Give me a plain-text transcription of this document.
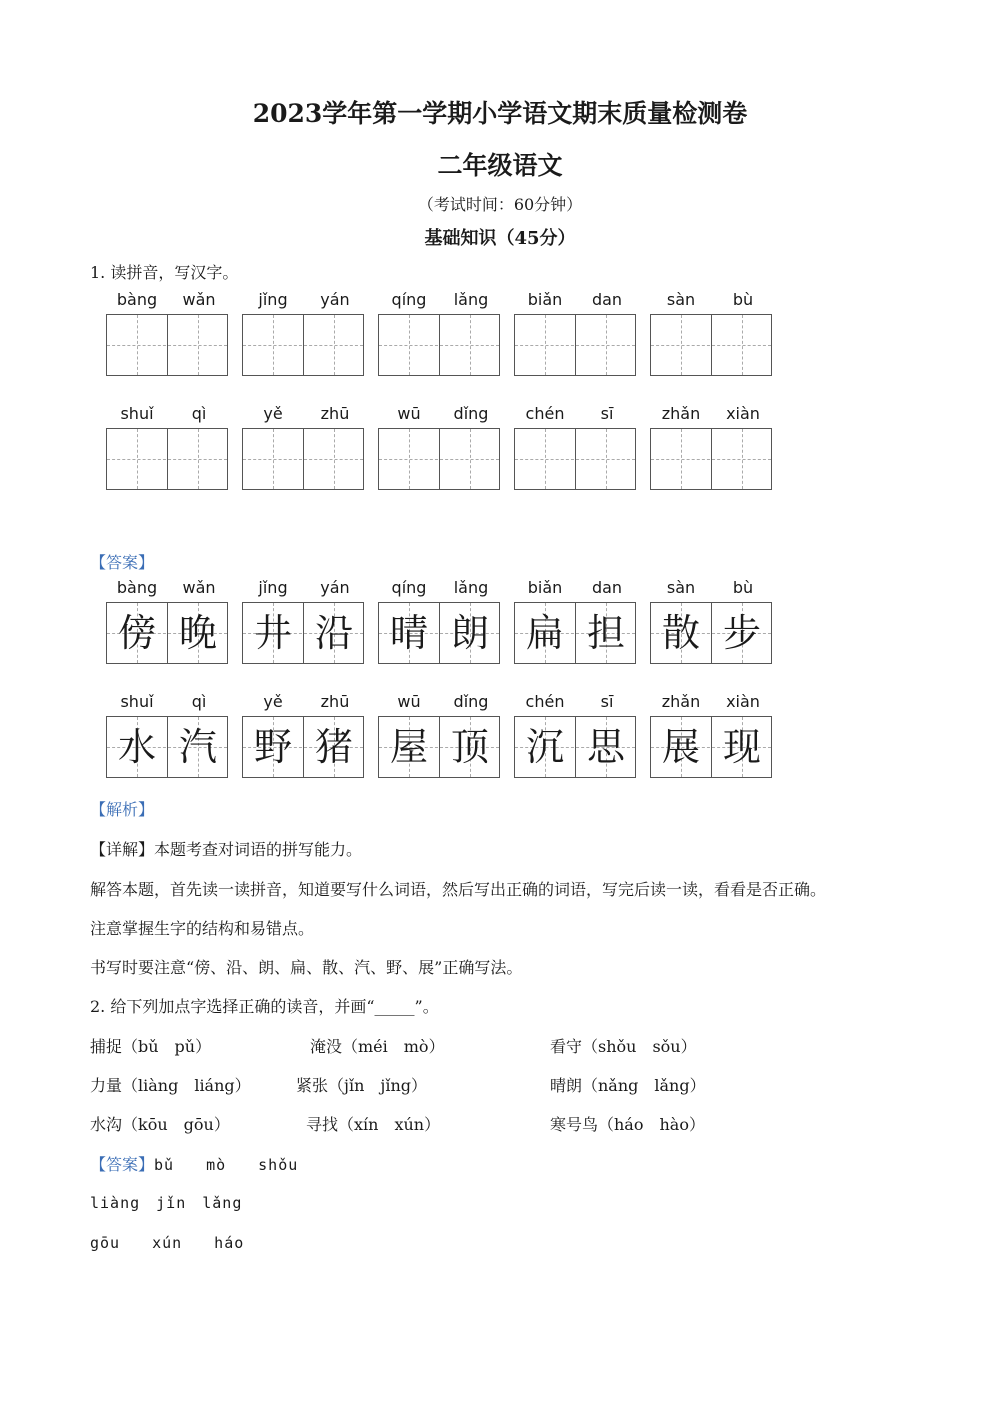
2023学年第一学期小学语文期末质量检测卷
二年级语文
（考试时间：60分钟）
基础知识（45分）
1. 读拼音，写汉字。
bàng	wǎn	jǐng	yán	qíng	lǎng	biǎn	dan	sàn	bù
shuǐ	qì	yě	zhū	wū	dǐng	chén	sī	zhǎn	xiàn
【答案】
bàng	wǎn
傍 晚
jǐng	yán
井 沿
qíng	lǎng
晴 朗
biǎn	dan
扁 担
sàn	bù
散 步
shuǐ	qì
水 汽
yě	zhū
野 猪
wū	dǐng
屋 顶
chén	sī
沉 思
zhǎn	xiàn
展 现
【解析】
【详解】本题考查对词语的拼写能力。
解答本题，首先读一读拼音，知道要写什么词语，然后写出正确的词语，写完后读一读，看看是否正确。
注意掌握生字的结构和易错点。
书写时要注意“傍、沿、朗、扁、散、汽、野、展”正确写法。
2. 给下列加点字选择正确的读音，并画“_____”。
捕捉（bǔ　pǔ）	淹没（méi　mò）	看守（shǒu　sǒu）
力量（liàng　liáng）	紧张（jǐn　jǐng）	晴朗（nǎng　lǎng）
水沟（kōu　gōu）	寻找（xín　xún）	寒号鸟（háo　hào）
【答案】bǔ　　mò　　shǒu
liàng　jǐn　lǎng
gōu　　xún　　háo
